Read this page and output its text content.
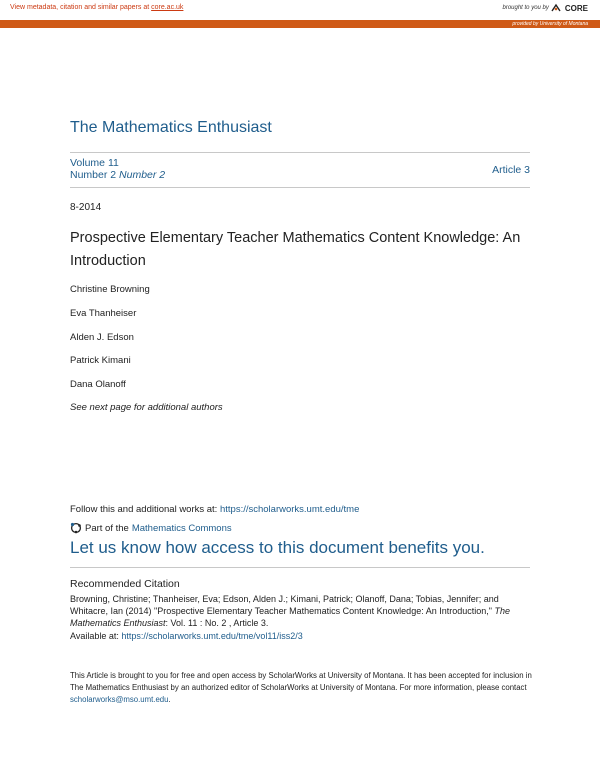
View metadata, citation and similar papers at core.ac.uk	brought to you by CORE
provided by University of Montana
The Mathematics Enthusiast
Volume 11
Number 2 Number 2	Article 3
8-2014
Prospective Elementary Teacher Mathematics Content Knowledge: An Introduction
Christine Browning
Eva Thanheiser
Alden J. Edson
Patrick Kimani
Dana Olanoff
See next page for additional authors
Follow this and additional works at: https://scholarworks.umt.edu/tme
Part of the Mathematics Commons
Let us know how access to this document benefits you.
Recommended Citation
Browning, Christine; Thanheiser, Eva; Edson, Alden J.; Kimani, Patrick; Olanoff, Dana; Tobias, Jennifer; and Whitacre, Ian (2014) "Prospective Elementary Teacher Mathematics Content Knowledge: An Introduction," The Mathematics Enthusiast: Vol. 11 : No. 2 , Article 3.
Available at: https://scholarworks.umt.edu/tme/vol11/iss2/3
This Article is brought to you for free and open access by ScholarWorks at University of Montana. It has been accepted for inclusion in The Mathematics Enthusiast by an authorized editor of ScholarWorks at University of Montana. For more information, please contact scholarworks@mso.umt.edu.
